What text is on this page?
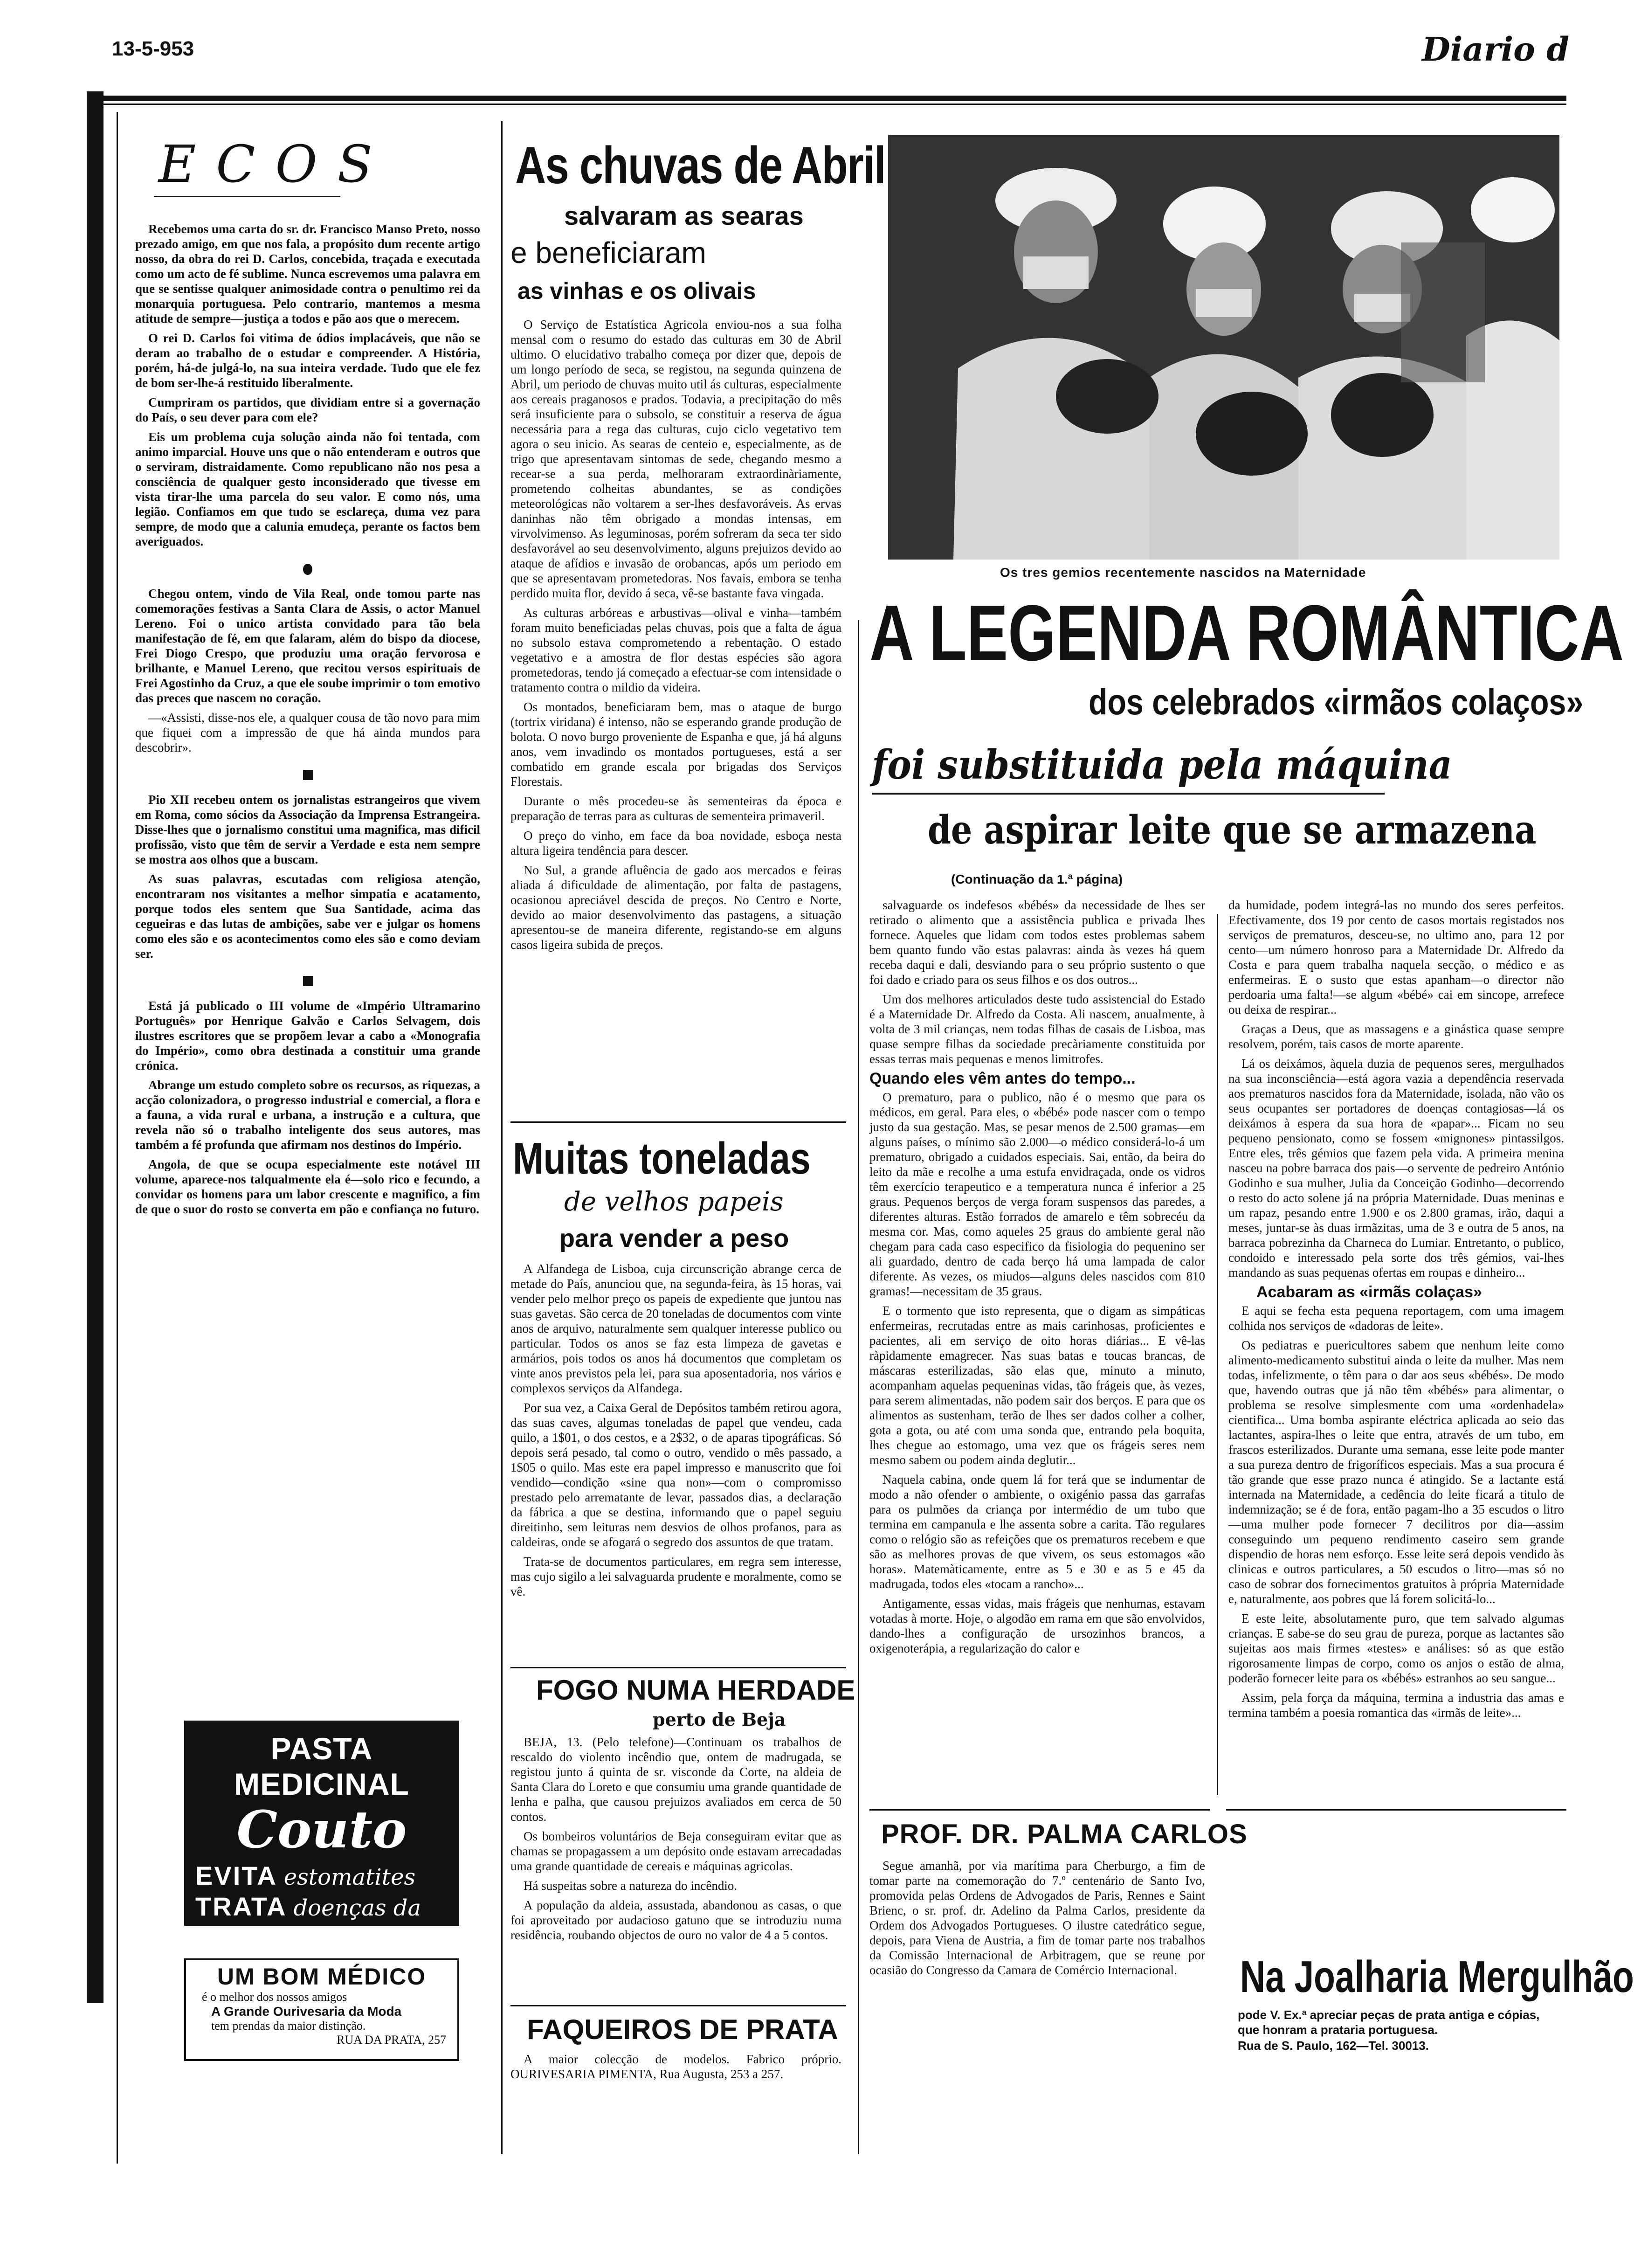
13-5-953	Diario d
E C O S

Recebemos uma carta do sr. dr. Francisco Manso Preto, nosso prezado amigo, em que nos fala, a propósito dum recente artigo nosso, da obra do rei D. Carlos, concebida, traçada e executada como um acto de fé sublime. Nunca escrevemos uma palavra em que se sentisse qualquer animosidade contra o penultimo rei da monarquia portuguesa. Pelo contrario, mantemos a mesma atitude de sempre—justiça a todos e pão aos que o merecem.

O rei D. Carlos foi vitima de ódios implacáveis, que não se deram ao trabalho de o estudar e compreender. A História, porém, há-de julgá-lo, na sua inteira verdade. Tudo que ele fez de bom ser-lhe-á restituido liberalmente.

Cumpriram os partidos, que dividiam entre si a governação do País, o seu dever para com ele?

Eis um problema cuja solução ainda não foi tentada, com animo imparcial. Houve uns que o não entenderam e outros que o serviram, distraidamente. Como republicano não nos pesa a consciência de qualquer gesto inconsiderado que tivesse em vista tirar-lhe uma parcela do seu valor. E como nós, uma legião. Confiamos em que tudo se esclareça, duma vez para sempre, de modo que a calunia emudeça, perante os factos bem averiguados.

Chegou ontem, vindo de Vila Real, onde tomou parte nas comemorações festivas a Santa Clara de Assis, o actor Manuel Lereno. Foi o unico artista convidado para tão bela manifestação de fé, em que falaram, além do bispo da diocese, Frei Diogo Crespo, que produziu uma oração fervorosa e brilhante, e Manuel Lereno, que recitou versos espirituais de Frei Agostinho da Cruz, a que ele soube imprimir o tom emotivo das preces que nascem no coração.

—«Assisti, disse-nos ele, a qualquer cousa de tão novo para mim que fiquei com a impressão de que há ainda mundos para descobrir».

Pio XII recebeu ontem os jornalistas estrangeiros que vivem em Roma, como sócios da Associação da Imprensa Estrangeira. Disse-lhes que o jornalismo constitui uma magnifica, mas dificil profissão, visto que têm de servir a Verdade e esta nem sempre se mostra aos olhos que a buscam.

As suas palavras, escutadas com religiosa atenção, encontraram nos visitantes a melhor simpatia e acatamento, porque todos eles sentem que Sua Santidade, acima das cegueiras e das lutas de ambições, sabe ver e julgar os homens como eles são e os acontecimentos como eles são e como deviam ser.

Está já publicado o III volume de «Império Ultramarino Português» por Henrique Galvão e Carlos Selvagem, dois ilustres escritores que se propõem levar a cabo a «Monografia do Império», como obra destinada a constituir uma grande crónica.

Abrange um estudo completo sobre os recursos, as riquezas, a acção colonizadora, o progresso industrial e comercial, a flora e a fauna, a vida rural e urbana, a instrução e a cultura, que revela não só o trabalho inteligente dos seus autores, mas também a fé profunda que afirmam nos destinos do Império.

Angola, de que se ocupa especialmente este notável III volume, aparece-nos talqualmente ela é—solo rico e fecundo, a convidar os homens para um labor crescente e magnifico, a fim de que o suor do rosto se converta em pão e confiança no futuro.

PASTA MEDICINAL
Couto
EVITA estomatites
TRATA doenças da boca
UM BOM MÉDICO
é o melhor dos nossos amigos
A Grande Ourivesaria da Moda
tem prendas da maior distinção.
RUA DA PRATA, 257
As chuvas de Abril
salvaram as searas
e beneficiaram
as vinhas e os olivais

O Serviço de Estatística Agricola enviou-nos a sua folha mensal com o resumo do estado das culturas em 30 de Abril ultimo. O elucidativo trabalho começa por dizer que, depois de um longo período de seca, se registou, na segunda quinzena de Abril, um periodo de chuvas muito util ás culturas, especialmente aos cereais praganosos e prados. Todavia, a precipitação do mês será insuficiente para o subsolo, se constituir a reserva de água necessária para a rega das culturas, cujo ciclo vegetativo tem agora o seu inicio. As searas de centeio e, especialmente, as de trigo que apresentavam sintomas de sede, chegando mesmo a recear-se a sua perda, melhoraram extraordinàriamente, prometendo colheitas abundantes, se as condições meteorológicas não voltarem a ser-lhes desfavoráveis. As ervas daninhas não têm obrigado a mondas intensas, em virvolvimenso. As leguminosas, porém sofreram da seca ter sido desfavorável ao seu desenvolvimento, alguns prejuizos devido ao ataque de afídios e invasão de orobancas, após um periodo em que se apresentavam prometedoras. Nos favais, embora se tenha perdido muita flor, devido á seca, vê-se bastante fava vingada.

As culturas arbóreas e arbustivas—olival e vinha—também foram muito beneficiadas pelas chuvas, pois que a falta de água no subsolo estava comprometendo a rebentação. O estado vegetativo e a amostra de flor destas espécies são agora prometedoras, tendo já começado a efectuar-se com intensidade o tratamento contra o mildio da videira.

Os montados, beneficiaram bem, mas o ataque de burgo (tortrix viridana) é intenso, não se esperando grande produção de bolota. O novo burgo proveniente de Espanha e que, já há alguns anos, vem invadindo os montados portugueses, está a ser combatido em grande escala por brigadas dos Serviços Florestais.

Durante o mês procedeu-se às sementeiras da época e preparação de terras para as culturas de sementeira primaveril.

O preço do vinho, em face da boa novidade, esboça nesta altura ligeira tendência para descer.

No Sul, a grande afluência de gado aos mercados e feiras aliada á dificuldade de alimentação, por falta de pastagens, ocasionou apreciável descida de preços. No Centro e Norte, devido ao maior desenvolvimento das pastagens, a situação apresentou-se de maneira diferente, registando-se em alguns casos ligeira subida de preços.

Muitas toneladas
de velhos papeis
para vender a peso

A Alfandega de Lisboa, cuja circunscrição abrange cerca de metade do País, anunciou que, na segunda-feira, às 15 horas, vai vender pelo melhor preço os papeis de expediente que juntou nas suas gavetas. São cerca de 20 toneladas de documentos com vinte anos de arquivo, naturalmente sem qualquer interesse publico ou particular. Todos os anos se faz esta limpeza de gavetas e armários, pois todos os anos há documentos que completam os vinte anos previstos pela lei, para sua aposentadoria, nos vários e complexos serviços da Alfandega.

Por sua vez, a Caixa Geral de Depósitos também retirou agora, das suas caves, algumas toneladas de papel que vendeu, cada quilo, a 1$01, o dos cestos, e a 2$32, o de aparas tipográficas. Só depois será pesado, tal como o outro, vendido o mês passado, a 1$05 o quilo. Mas este era papel impresso e manuscrito que foi vendido—condição «sine qua non»—com o compromisso prestado pelo arrematante de levar, passados dias, a declaração da fábrica a que se destina, informando que o papel seguiu direitinho, sem leituras nem desvios de olhos profanos, para as caldeiras, onde se afogará o segredo dos assuntos de que tratam.

Trata-se de documentos particulares, em regra sem interesse, mas cujo sigilo a lei salvaguarda prudente e moralmente, como se vê.

FOGO NUMA HERDADE
perto de Beja

BEJA, 13. (Pelo telefone)—Continuam os trabalhos de rescaldo do violento incêndio que, ontem de madrugada, se registou junto á quinta de sr. visconde da Corte, na aldeia de Santa Clara do Loreto e que consumiu uma grande quantidade de lenha e palha, que causou prejuizos avaliados em cerca de 50 contos.

Os bombeiros voluntários de Beja conseguiram evitar que as chamas se propagassem a um depósito onde estavam arrecadadas uma grande quantidade de cereais e máquinas agricolas.

Há suspeitas sobre a natureza do incêndio.

A população da aldeia, assustada, abandonou as casas, o que foi aproveitado por audacioso gatuno que se introduziu numa residência, roubando objectos de ouro no valor de 4 a 5 contos.

FAQUEIROS DE PRATA

A maior colecção de modelos. Fabrico próprio. OURIVESARIA PIMENTA, Rua Augusta, 253 a 257.

Os tres gemios recentemente nascidos na Maternidade
A LEGENDA ROMÂNTICA
dos celebrados «irmãos colaços»
foi substituida pela máquina
de aspirar leite que se armazena
(Continuação da 1.ª página)

salvaguarde os indefesos «bébés» da necessidade de lhes ser retirado o alimento que a assistência publica e privada lhes fornece. Aqueles que lidam com todos estes problemas sabem bem quanto fundo vão estas palavras: ainda às vezes há quem receba daqui e dali, desviando para o seu próprio sustento o que foi dado e criado para os seus filhos e os dos outros...

Um dos melhores articulados deste tudo assistencial do Estado é a Maternidade Dr. Alfredo da Costa. Ali nascem, anualmente, à volta de 3 mil crianças, nem todas filhas de casais de Lisboa, mas quase sempre filhas da sociedade precàriamente constituida por essas terras mais pequenas e menos limitrofes.

Quando eles vêm antes do tempo...

O prematuro, para o publico, não é o mesmo que para os médicos, em geral. Para eles, o «bébé» pode nascer com o tempo justo da sua gestação. Mas, se pesar menos de 2.500 gramas—em alguns países, o mínimo são 2.000—o médico considerá-lo-á um prematuro, obrigado a cuidados especiais. Sai, então, da beira do leito da mãe e recolhe a uma estufa envidraçada, onde os vidros têm exercício terapeutico e a temperatura nunca é inferior a 25 graus. Pequenos berços de verga foram suspensos das paredes, a diferentes alturas. Estão forrados de amarelo e têm sobrecéu da mesma cor. Mas, como aqueles 25 graus do ambiente geral não chegam para cada caso especifico da fisiologia do pequenino ser ali guardado, dentro de cada berço há uma lampada de calor diferente. As vezes, os miudos—alguns deles nascidos com 810 gramas!—necessitam de 35 graus.

E o tormento que isto representa, que o digam as simpáticas enfermeiras, recrutadas entre as mais carinhosas, proficientes e pacientes, ali em serviço de oito horas diárias... E vê-las ràpidamente emagrecer. Nas suas batas e toucas brancas, de máscaras esterilizadas, são elas que, minuto a minuto, acompanham aquelas pequeninas vidas, tão frágeis que, às vezes, para serem alimentadas, não podem sair dos berços. E para que os alimentos as sustenham, terão de lhes ser dados colher a colher, gota a gota, ou até com uma sonda que, entrando pela boquita, lhes chegue ao estomago, uma vez que os frágeis seres nem mesmo sabem ou podem ainda deglutir...

Naquela cabina, onde quem lá for terá que se indumentar de modo a não ofender o ambiente, o oxigénio passa das garrafas para os pulmões da criança por intermédio de um tubo que termina em campanula e lhe assenta sobre a carita. Tão regulares como o relógio são as refeições que os prematuros recebem e que são as melhores provas de que vivem, os seus estomagos «ão horas». Matemàticamente, entre as 5 e 30 e as 5 e 45 da madrugada, todos eles «tocam a rancho»...

Antigamente, essas vidas, mais frágeis que nenhumas, estavam votadas à morte. Hoje, o algodão em rama em que são envolvidos, dando-lhes a configuração de ursozinhos brancos, a oxigenoterápia, a regularização do calor e

da humidade, podem integrá-las no mundo dos seres perfeitos. Efectivamente, dos 19 por cento de casos mortais registados nos serviços de prematuros, desceu-se, no ultimo ano, para 12 por cento—um número honroso para a Maternidade Dr. Alfredo da Costa e para quem trabalha naquela secção, o médico e as enfermeiras. E o susto que estas apanham—o director não perdoaria uma falta!—se algum «bébé» cai em sincope, arrefece ou deixa de respirar...

Graças a Deus, que as massagens e a ginástica quase sempre resolvem, porém, tais casos de morte aparente.

Lá os deixámos, àquela duzia de pequenos seres, mergulhados na sua inconsciência—está agora vazia a dependência reservada aos prematuros nascidos fora da Maternidade, isolada, não vão os seus ocupantes ser portadores de doenças contagiosas—lá os deixámos à espera da sua hora de «papar»... Ficam no seu pequeno pensionato, como se fossem «mignones» pintassilgos. Entre eles, três gémios que fazem pela vida. A primeira menina nasceu na pobre barraca dos pais—o servente de pedreiro António Godinho e sua mulher, Julia da Conceição Godinho—decorrendo o resto do acto solene já na própria Maternidade. Duas meninas e um rapaz, pesando entre 1.900 e os 2.800 gramas, irão, daqui a meses, juntar-se às duas irmãzitas, uma de 3 e outra de 5 anos, na barraca pobrezinha da Charneca do Lumiar. Entretanto, o publico, condoido e interessado pela sorte dos três gémios, vai-lhes mandando as suas pequenas ofertas em roupas e dinheiro...

Acabaram as «irmãs colaças»

E aqui se fecha esta pequena reportagem, com uma imagem colhida nos serviços de «dadoras de leite».

Os pediatras e puericultores sabem que nenhum leite como alimento-medicamento substitui ainda o leite da mulher. Mas nem todas, infelizmente, o têm para o dar aos seus «bébés». De modo que, havendo outras que já não têm «bébés» para alimentar, o problema se resolve simplesmente com uma «ordenhadela» cientifica... Uma bomba aspirante eléctrica aplicada ao seio das lactantes, aspira-lhes o leite que entra, através de um tubo, em frascos esterilizados. Durante uma semana, esse leite pode manter a sua pureza dentro de frigoríficos especiais. Mas a sua procura é tão grande que esse prazo nunca é atingido. Se a lactante está internada na Maternidade, a cedência do leite ficará a titulo de indemnização; se é de fora, então pagam-lho a 35 escudos o litro—uma mulher pode fornecer 7 decilitros por dia—assim conseguindo um pequeno rendimento caseiro sem grande dispendio de horas nem esforço. Esse leite será depois vendido às clinicas e outros particulares, a 50 escudos o litro—mas só no caso de sobrar dos fornecimentos gratuitos à própria Maternidade e, naturalmente, aos pobres que lá forem solicitá-lo...

E este leite, absolutamente puro, que tem salvado algumas crianças. E sabe-se do seu grau de pureza, porque as lactantes são sujeitas aos mais firmes «testes» e análises: só as que estão rigorosamente limpas de corpo, como os anjos o estão de alma, poderão fornecer leite para os «bébés» estranhos ao seu sangue...

Assim, pela força da máquina, termina a industria das amas e termina também a poesia romantica das «irmãs de leite»...

PROF. DR. PALMA CARLOS

Segue amanhã, por via marítima para Cherburgo, a fim de tomar parte na comemoração do 7.º centenário de Santo Ivo, promovida pelas Ordens de Advogados de Paris, Rennes e Saint Brienc, o sr. prof. dr. Adelino da Palma Carlos, presidente da Ordem dos Advogados Portugueses. O ilustre catedrático segue, depois, para Viena de Austria, a fim de tomar parte nos trabalhos da Comissão Internacional de Arbitragem, que se reune por ocasião do Congresso da Camara de Comércio Internacional.	Na Joalharia Mergulhão
pode V. Ex.ª apreciar peças de prata antiga e cópias, que honram a prataria portuguesa.
Rua de S. Paulo, 162—Tel. 30013.
